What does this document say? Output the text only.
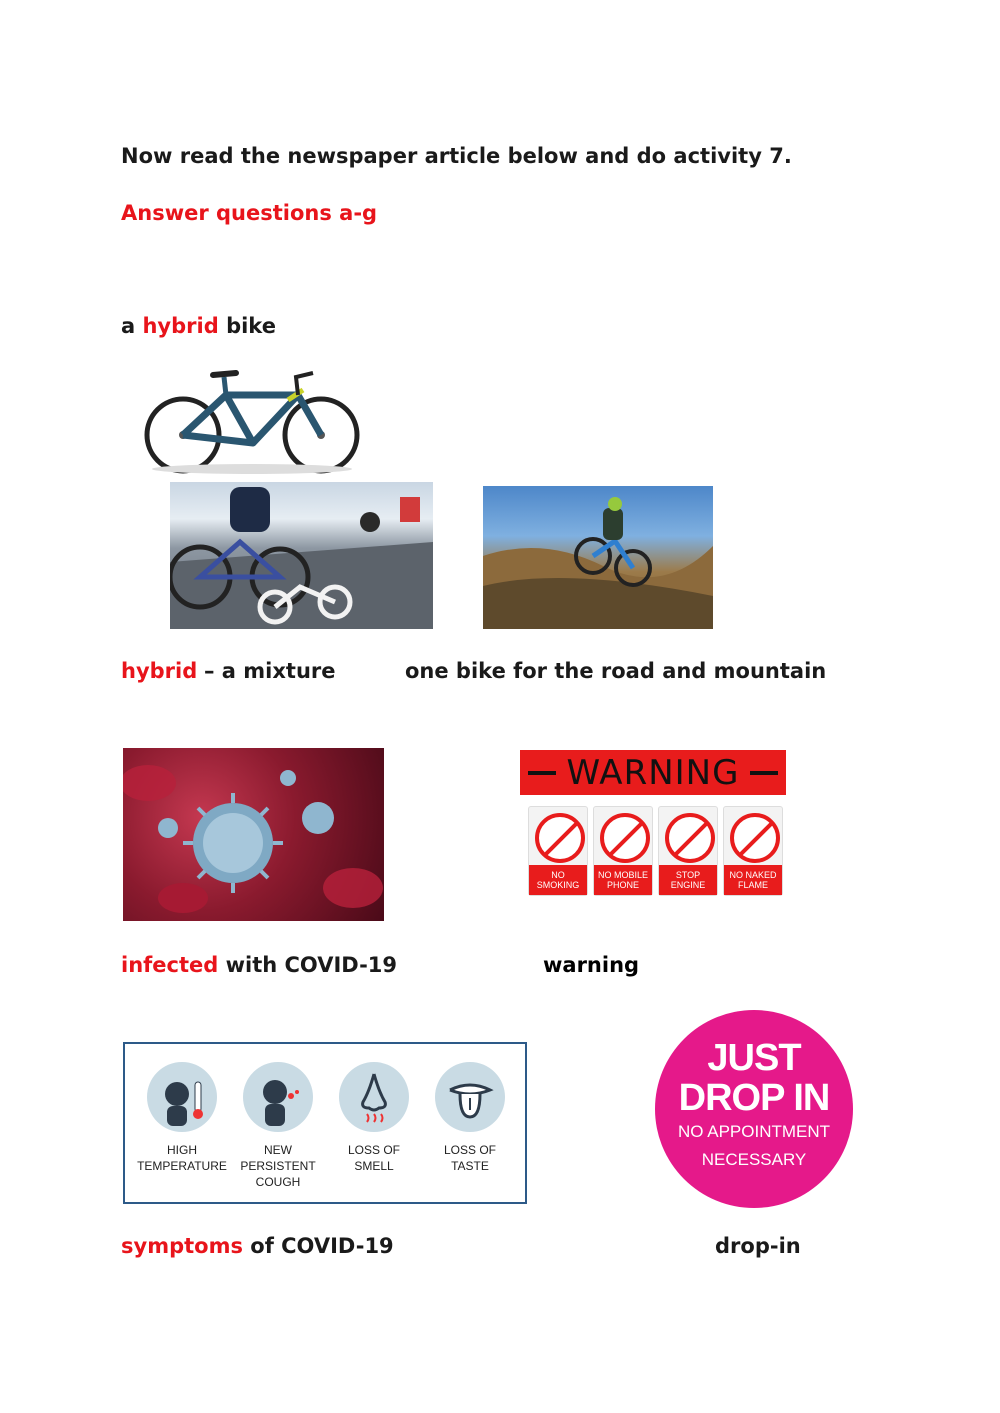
Now read the newspaper article below and do activity 7.
Answer questions a-g
a hybrid bike
hybrid – a mixture	one bike for the road and mountain
WARNING
NO SMOKING
NO MOBILE PHONE
STOP ENGINE
NO NAKED FLAME
infected with COVID-19	warning
HIGH TEMPERATURE
NEW PERSISTENT COUGH
LOSS OF SMELL
LOSS OF TASTE
JUST
DROP IN
NO APPOINTMENT
NECESSARY
symptoms of COVID-19	drop-in
